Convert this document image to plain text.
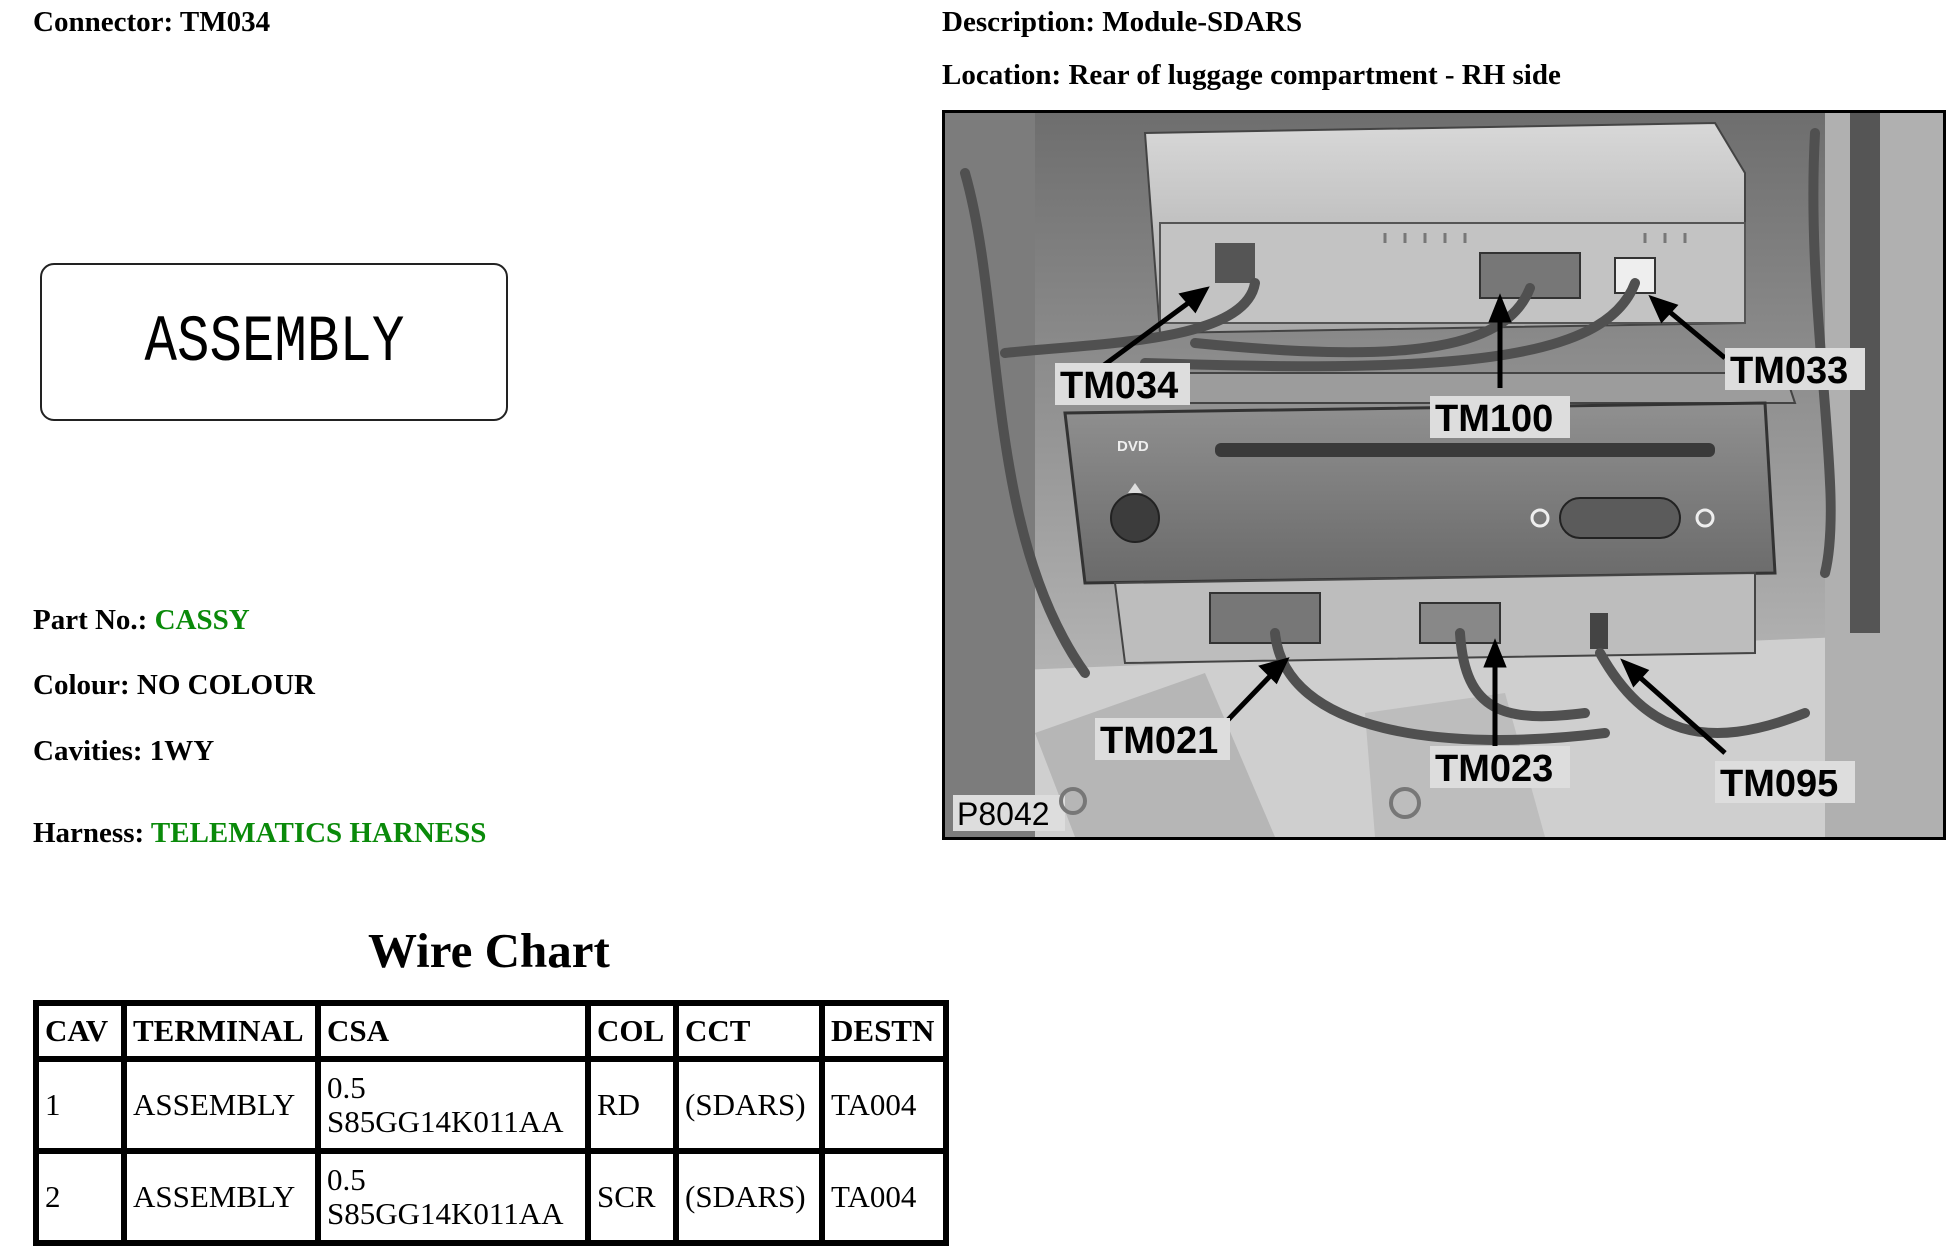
Connector: TM034	Description: Module-SDARS
Location: Rear of luggage compartment - RH side
ASSEMBLY
Part No.: CASSY
Colour: NO COLOUR
Cavities: 1WY
Harness: TELEMATICS HARNESS
Wire Chart
CAV	TERMINAL	CSA	COL	CCT	DESTN
1	ASSEMBLY	0.5
S85GG14K011AA	RD	(SDARS)	TA004
2	ASSEMBLY	0.5
S85GG14K011AA	SCR	(SDARS)	TA004
DVD
TM034
TM100
TM033
TM021
TM023	TM095
P8042
